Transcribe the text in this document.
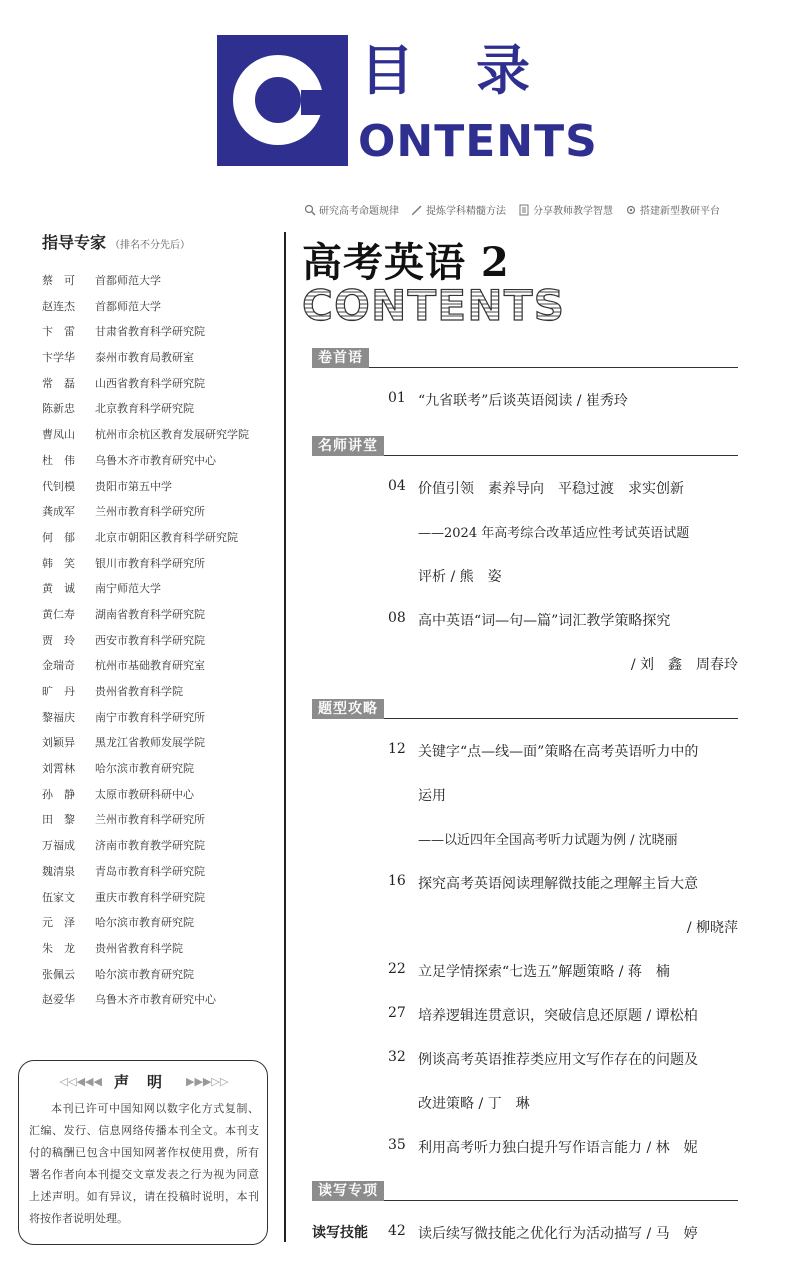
目录
ONTENTS
研究高考命题规律	提炼学科精髓方法	分享教师教学智慧	搭建新型教研平台
指导专家 （排名不分先后）
蔡　可	首都师范大学
赵连杰	首都师范大学
卞　雷	甘肃省教育科学研究院
卞学华	泰州市教育局教研室
常　磊	山西省教育科学研究院
陈新忠	北京教育科学研究院
曹凤山	杭州市余杭区教育发展研究学院
杜　伟	乌鲁木齐市教育研究中心
代钊模	贵阳市第五中学
龚成军	兰州市教育科学研究所
何　郁	北京市朝阳区教育科学研究院
韩　笑	银川市教育科学研究所
黄　诚	南宁师范大学
黄仁寿	湖南省教育科学研究院
贾　玲	西安市教育科学研究院
金瑞奇	杭州市基础教育研究室
旷　丹	贵州省教育科学院
黎福庆	南宁市教育科学研究所
刘颖异	黑龙江省教师发展学院
刘霄林	哈尔滨市教育研究院
孙　静	太原市教研科研中心
田　黎	兰州市教育科学研究所
万福成	济南市教育教学研究院
魏清泉	青岛市教育科学研究院
伍家文	重庆市教育科学研究院
元　泽	哈尔滨市教育研究院
朱　龙	贵州省教育科学院
张佩云	哈尔滨市教育研究院
赵爱华	乌鲁木齐市教育研究中心
◁◁◀◀◀ 声明 ▶▶▶▷▷
本刊已许可中国知网以数字化方式复制、汇编、发行、信息网络传播本刊全文。本刊支付的稿酬已包含中国知网著作权使用费，所有署名作者向本刊提交文章发表之行为视为同意上述声明。如有异议，请在投稿时说明，本刊将按作者说明处理。
高考英语 2
CONTENTS
卷首语
01 “九省联考”后谈英语阅读 / 崔秀玲
名师讲堂
04 价值引领　素养导向　平稳过渡　求实创新
——2024 年高考综合改革适应性考试英语试题
评析 / 熊　姿
08 高中英语“词—句—篇”词汇教学策略探究
/ 刘　鑫　周春玲
题型攻略
12 关键字“点—线—面”策略在高考英语听力中的
运用
——以近四年全国高考听力试题为例 / 沈晓丽
16 探究高考英语阅读理解微技能之理解主旨大意
/ 柳晓萍
22 立足学情探索“七选五”解题策略 / 蒋　楠
27 培养逻辑连贯意识，突破信息还原题 / 谭松柏
32 例谈高考英语推荐类应用文写作存在的问题及
改进策略 / 丁　琳
35 利用高考听力独白提升写作语言能力 / 林　妮
读写专项
读写技能 42 读后续写微技能之优化行为活动描写 / 马　婷
